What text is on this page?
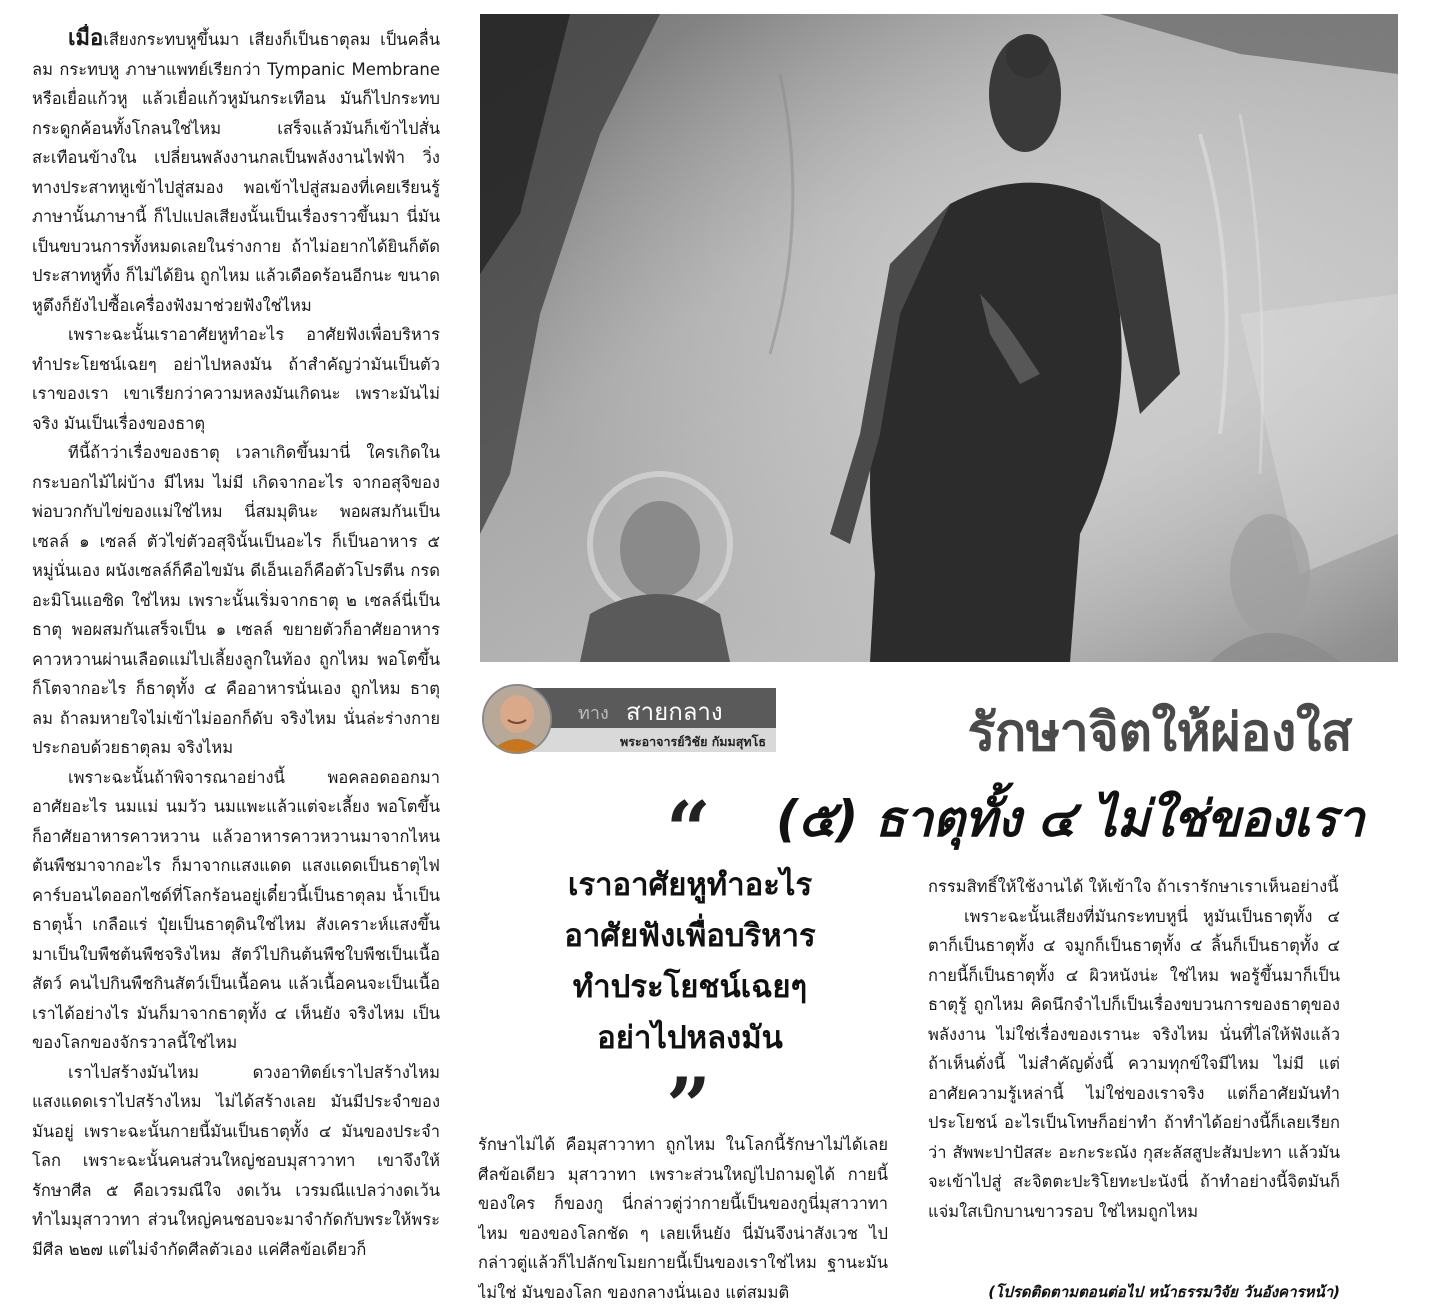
เมื่อเสียงกระทบหูขึ้นมา เสียงก็เป็นธาตุลม เป็นคลื่นลม กระทบหู ภาษาแพทย์เรียกว่า Tympanic Membrane หรือเยื่อแก้วหู แล้วเยื่อแก้วหูมันกระเทือน มันก็ไปกระทบกระดูกค้อนทั้งโกลนใช่ไหม เสร็จแล้วมันก็เข้าไปสั่นสะเทือนข้างใน เปลี่ยนพลังงานกลเป็นพลังงานไฟฟ้า วิ่งทางประสาทหูเข้าไปสู่สมอง พอเข้าไปสู่สมองที่เคยเรียนรู้ภาษานั้นภาษานี้ ก็ไปแปลเสียงนั้นเป็นเรื่องราวขึ้นมา นี่มันเป็นขบวนการทั้งหมดเลยในร่างกาย ถ้าไม่อยากได้ยินก็ตัดประสาทหูทิ้ง ก็ไม่ได้ยิน ถูกไหม แล้วเดือดร้อนอีกนะ ขนาดหูตึงก็ยังไปซื้อเครื่องฟังมาช่วยฟังใช่ไหม

เพราะฉะนั้นเราอาศัยหูทำอะไร อาศัยฟังเพื่อบริหารทำประโยชน์เฉยๆ อย่าไปหลงมัน ถ้าสำคัญว่ามันเป็นตัวเราของเรา เขาเรียกว่าความหลงมันเกิดนะ เพราะมันไม่จริง มันเป็นเรื่องของธาตุ

ทีนี้ถ้าว่าเรื่องของธาตุ เวลาเกิดขึ้นมานี่ ใครเกิดในกระบอกไม้ไผ่บ้าง มีไหม ไม่มี เกิดจากอะไร จากอสุจิของพ่อบวกกับไข่ของแม่ใช่ไหม นี่สมมุตินะ พอผสมกันเป็นเซลล์ ๑ เซลล์ ตัวไข่ตัวอสุจินั้นเป็นอะไร ก็เป็นอาหาร ๕ หมู่นั่นเอง ผนังเซลล์ก็คือไขมัน ดีเอ็นเอก็คือตัวโปรตีน กรดอะมิโนแอซิด ใช่ไหม เพราะนั้นเริ่มจากธาตุ ๒ เซลล์นี่เป็นธาตุ พอผสมกันเสร็จเป็น ๑ เซลล์ ขยายตัวก็อาศัยอาหารคาวหวานผ่านเลือดแม่ไปเลี้ยงลูกในท้อง ถูกไหม พอโตขึ้นก็โตจากอะไร ก็ธาตุทั้ง ๔ คืออาหารนั่นเอง ถูกไหม ธาตุลม ถ้าลมหายใจไม่เข้าไม่ออกก็ดับ จริงไหม นั่นล่ะร่างกายประกอบด้วยธาตุลม จริงไหม

เพราะฉะนั้นถ้าพิจารณาอย่างนี้ พอคลอดออกมาอาศัยอะไร นมแม่ นมวัว นมแพะแล้วแต่จะเลี้ยง พอโตขึ้นก็อาศัยอาหารคาวหวาน แล้วอาหารคาวหวานมาจากไหน ต้นพืชมาจากอะไร ก็มาจากแสงแดด แสงแดดเป็นธาตุไฟ คาร์บอนไดออกไซด์ที่โลกร้อนอยู่เดี๋ยวนี้เป็นธาตุลม น้ำเป็นธาตุน้ำ เกลือแร่ ปุ๋ยเป็นธาตุดินใช่ไหม สังเคราะห์แสงขึ้นมาเป็นใบพืชต้นพืชจริงไหม สัตว์ไปกินต้นพืชใบพืชเป็นเนื้อสัตว์ คนไปกินพืชกินสัตว์เป็นเนื้อคน แล้วเนื้อคนจะเป็นเนื้อเราได้อย่างไร มันก็มาจากธาตุทั้ง ๔ เห็นยัง จริงไหม เป็นของโลกของจักรวาลนี้ใช่ไหม

เราไปสร้างมันไหม ดวงอาทิตย์เราไปสร้างไหม แสงแดดเราไปสร้างไหม ไม่ได้สร้างเลย มันมีประจำของมันอยู่ เพราะฉะนั้นกายนี้มันเป็นธาตุทั้ง ๔ มันของประจำโลก เพราะฉะนั้นคนส่วนใหญ่ชอบมุสาวาทา เขาจึงให้รักษาศีล ๕ คือเวรมณีใจ งดเว้น เวรมณีแปลว่างดเว้น ทำไมมุสาวาทา ส่วนใหญ่คนชอบจะมาจำกัดกับพระให้พระมีศีล ๒๒๗ แต่ไม่จำกัดศีลตัวเอง แค่ศีลข้อเดียวก็

ทาง สายกลาง
พระอาจารย์วิชัย กัมมสุทโธ	รักษาจิตให้ผ่องใส
(๕) ธาตุทั้ง ๔ ไม่ใช่ของเรา
“
เราอาศัยหูทำอะไร
อาศัยฟังเพื่อบริหาร
ทำประโยชน์เฉยๆ
อย่าไปหลงมัน
”

รักษาไม่ได้ คือมุสาวาทา ถูกไหม ในโลกนี้รักษาไม่ได้เลยศีลข้อเดียว มุสาวาทา เพราะส่วนใหญ่ไปถามดูได้ กายนี้ของใคร ก็ของกู นี่กล่าวตู่ว่ากายนี้เป็นของกูนี่มุสาวาทาไหม ของของโลกชัด ๆ เลยเห็นยัง นี่มันจึงน่าสังเวช ไปกล่าวตู่แล้วก็ไปลักขโมยกายนี้เป็นของเราใช่ไหม ฐานะมันไม่ใช่ มันของโลก ของกลางนั่นเอง แต่สมมติ

กรรมสิทธิ์ให้ใช้งานได้ ให้เข้าใจ ถ้าเรารักษาเราเห็นอย่างนี้

เพราะฉะนั้นเสียงที่มันกระทบหูนี่ หูมันเป็นธาตุทั้ง ๔ ตาก็เป็นธาตุทั้ง ๔ จมูกก็เป็นธาตุทั้ง ๔ ลิ้นก็เป็นธาตุทั้ง ๔ กายนี้ก็เป็นธาตุทั้ง ๔ ผิวหนังน่ะ ใช่ไหม พอรู้ขึ้นมาก็เป็นธาตุรู้ ถูกไหม คิดนึกจำไปก็เป็นเรื่องขบวนการของธาตุของพลังงาน ไม่ใช่เรื่องของเรานะ จริงไหม นั่นที่ไล่ให้ฟังแล้ว ถ้าเห็นดั่งนี้ ไม่สำคัญดั่งนี้ ความทุกข์ใจมีไหม ไม่มี แต่อาศัยความรู้เหล่านี้ ไม่ใช่ของเราจริง แต่ก็อาศัยมันทำประโยชน์ อะไรเป็นโทษก็อย่าทำ ถ้าทำได้อย่างนี้ก็เลยเรียกว่า สัพพะปาปัสสะ อะกะระณัง กุสะลัสสูปะสัมปะทา แล้วมันจะเข้าไปสู่ สะจิตตะปะริโยทะปะนังนี่ ถ้าทำอย่างนี้จิตมันก็แจ่มใสเบิกบานขาวรอบ ใช่ไหมถูกไหม

(โปรดติดตามตอนต่อไป หน้าธรรมวิจัย วันอังคารหน้า)
